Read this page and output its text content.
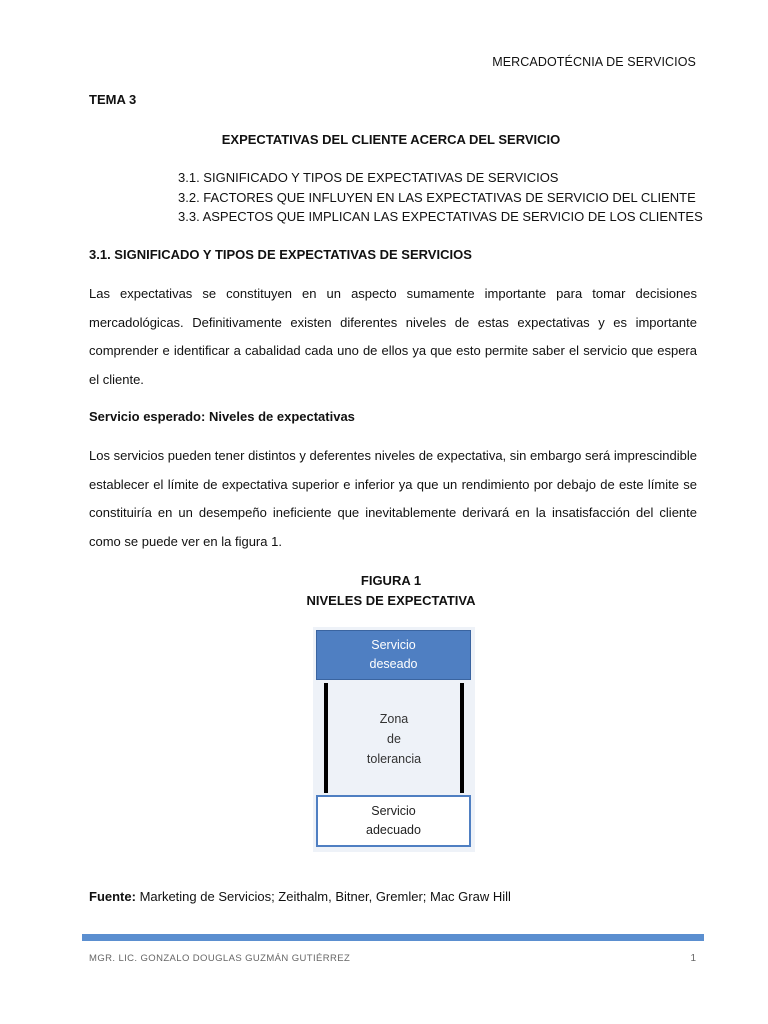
MERCADOTÉCNIA DE SERVICIOS
TEMA 3
EXPECTATIVAS DEL CLIENTE ACERCA DEL SERVICIO
3.1. SIGNIFICADO Y TIPOS DE EXPECTATIVAS DE SERVICIOS
3.2. FACTORES QUE INFLUYEN EN LAS EXPECTATIVAS DE SERVICIO DEL CLIENTE
3.3. ASPECTOS QUE IMPLICAN LAS EXPECTATIVAS DE SERVICIO DE LOS CLIENTES
3.1. SIGNIFICADO Y TIPOS DE EXPECTATIVAS DE SERVICIOS
Las expectativas se constituyen en un aspecto sumamente importante para tomar decisiones mercadológicas. Definitivamente existen diferentes niveles de estas expectativas y es importante comprender e identificar a cabalidad cada uno de ellos ya que esto permite saber el servicio que espera el cliente.
Servicio esperado: Niveles de expectativas
Los servicios pueden tener distintos y deferentes niveles de expectativa, sin embargo será imprescindible establecer el límite de expectativa superior e inferior ya que un rendimiento por debajo de este límite se constituiría en un desempeño ineficiente que inevitablemente derivará en la insatisfacción del cliente como se puede ver en la figura 1.
FIGURA 1
NIVELES DE EXPECTATIVA
Servicio
deseado
Zona
de
tolerancia
Servicio
adecuado
Fuente: Marketing de Servicios; Zeithalm, Bitner, Gremler; Mac Graw Hill
MGR. LIC. GONZALO DOUGLAS GUZMÁN GUTIÉRREZ	1
